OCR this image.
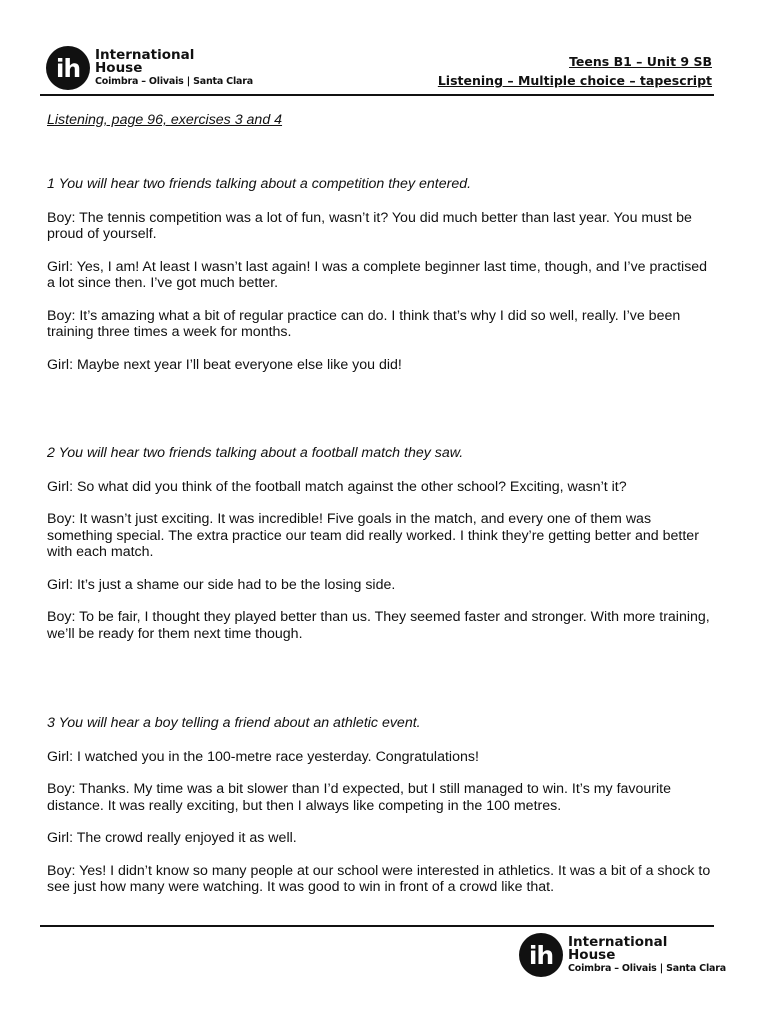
ih	International
House
Coimbra – Olivais | Santa Clara
Teens B1 – Unit 9 SB
Listening – Multiple choice – tapescript

Listening, page 96, exercises 3 and 4

1 You will hear two friends talking about a competition they entered.

Boy: The tennis competition was a lot of fun, wasn’t it? You did much better than last year. You must be proud of yourself.

Girl: Yes, I am! At least I wasn’t last again! I was a complete beginner last time, though, and I’ve practised a lot since then. I’ve got much better.

Boy: It’s amazing what a bit of regular practice can do. I think that’s why I did so well, really. I’ve been training three times a week for months.

Girl: Maybe next year I’ll beat everyone else like you did!

2 You will hear two friends talking about a football match they saw.

Girl: So what did you think of the football match against the other school? Exciting, wasn’t it?

Boy: It wasn’t just exciting. It was incredible! Five goals in the match, and every one of them was something special. The extra practice our team did really worked. I think they’re getting better and better with each match.

Girl: It’s just a shame our side had to be the losing side.

Boy: To be fair, I thought they played better than us. They seemed faster and stronger. With more training, we’ll be ready for them next time though.

3 You will hear a boy telling a friend about an athletic event.

Girl: I watched you in the 100-metre race yesterday. Congratulations!

Boy: Thanks. My time was a bit slower than I’d expected, but I still managed to win. It’s my favourite distance. It was really exciting, but then I always like competing in the 100 metres.

Girl: The crowd really enjoyed it as well.

Boy: Yes! I didn’t know so many people at our school were interested in athletics. It was a bit of a shock to see just how many were watching. It was good to win in front of a crowd like that.

ih	International
House
Coimbra – Olivais | Santa Clara
